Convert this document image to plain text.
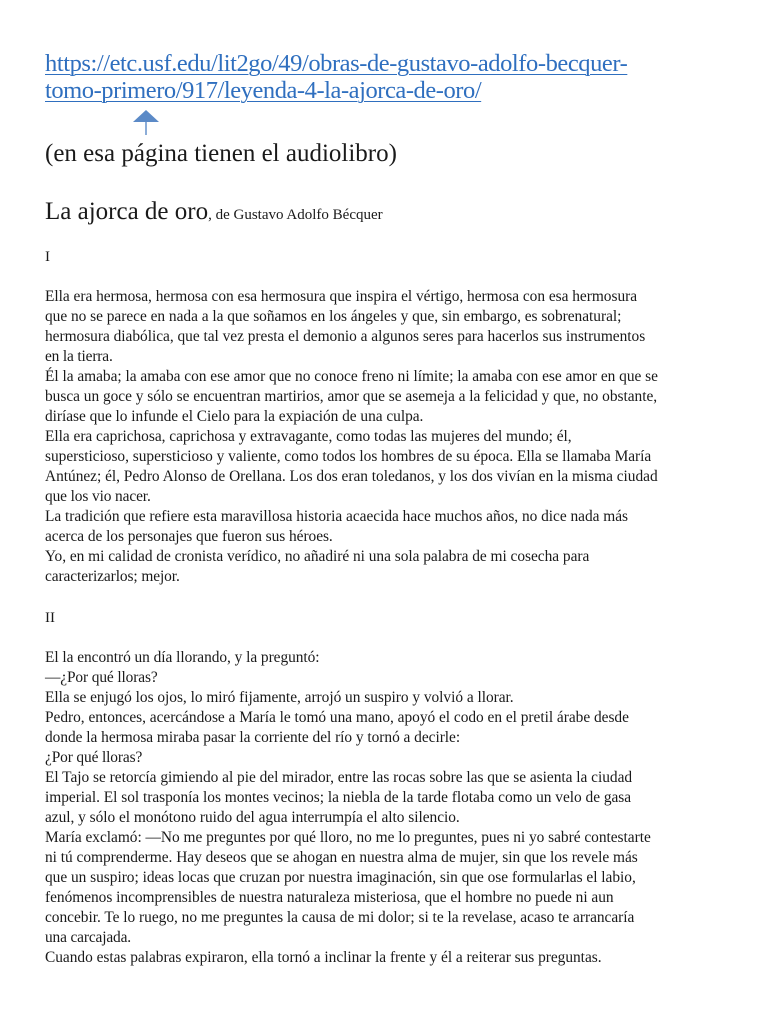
https://etc.usf.edu/lit2go/49/obras-de-gustavo-adolfo-becquer-
tomo-primero/917/leyenda-4-la-ajorca-de-oro/
(en esa página tienen el audiolibro)
La ajorca de oro, de Gustavo Adolfo Bécquer
I

Ella era hermosa, hermosa con esa hermosura que inspira el vértigo, hermosa con esa hermosura
que no se parece en nada a la que soñamos en los ángeles y que, sin embargo, es sobrenatural;
hermosura diabólica, que tal vez presta el demonio a algunos seres para hacerlos sus instrumentos
en la tierra.

Él la amaba; la amaba con ese amor que no conoce freno ni límite; la amaba con ese amor en que se
busca un goce y sólo se encuentran martirios, amor que se asemeja a la felicidad y que, no obstante,
diríase que lo infunde el Cielo para la expiación de una culpa.

Ella era caprichosa, caprichosa y extravagante, como todas las mujeres del mundo; él,
supersticioso, supersticioso y valiente, como todos los hombres de su época. Ella se llamaba María
Antúnez; él, Pedro Alonso de Orellana. Los dos eran toledanos, y los dos vivían en la misma ciudad
que los vio nacer.

La tradición que refiere esta maravillosa historia acaecida hace muchos años, no dice nada más
acerca de los personajes que fueron sus héroes.

Yo, en mi calidad de cronista verídico, no añadiré ni una sola palabra de mi cosecha para
caracterizarlos; mejor.

II

El la encontró un día llorando, y la preguntó:

—¿Por qué lloras?

Ella se enjugó los ojos, lo miró fijamente, arrojó un suspiro y volvió a llorar.

Pedro, entonces, acercándose a María le tomó una mano, apoyó el codo en el pretil árabe desde
donde la hermosa miraba pasar la corriente del río y tornó a decirle:

¿Por qué lloras?

El Tajo se retorcía gimiendo al pie del mirador, entre las rocas sobre las que se asienta la ciudad
imperial. El sol trasponía los montes vecinos; la niebla de la tarde flotaba como un velo de gasa
azul, y sólo el monótono ruido del agua interrumpía el alto silencio.

María exclamó: —No me preguntes por qué lloro, no me lo preguntes, pues ni yo sabré contestarte
ni tú comprenderme. Hay deseos que se ahogan en nuestra alma de mujer, sin que los revele más
que un suspiro; ideas locas que cruzan por nuestra imaginación, sin que ose formularlas el labio,
fenómenos incomprensibles de nuestra naturaleza misteriosa, que el hombre no puede ni aun
concebir. Te lo ruego, no me preguntes la causa de mi dolor; si te la revelase, acaso te arrancaría
una carcajada.

Cuando estas palabras expiraron, ella tornó a inclinar la frente y él a reiterar sus preguntas.
